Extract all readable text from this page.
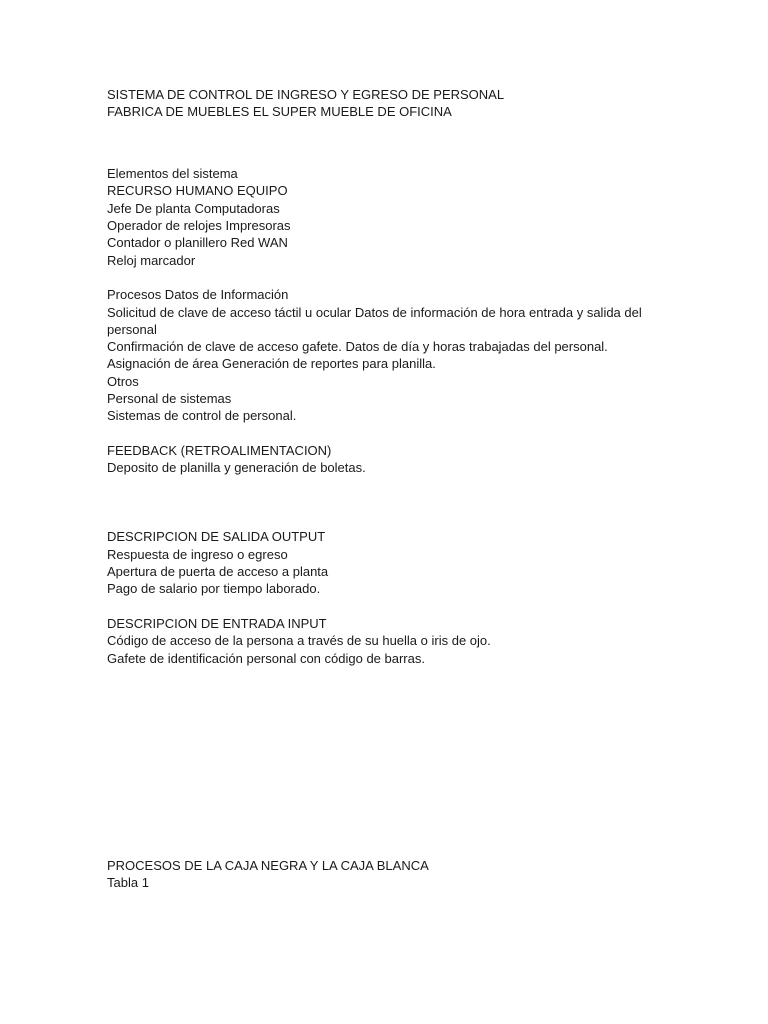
SISTEMA DE CONTROL DE INGRESO Y EGRESO DE PERSONAL
FABRICA DE MUEBLES EL SUPER MUEBLE DE OFICINA
Elementos del sistema
RECURSO HUMANO EQUIPO
Jefe De planta Computadoras
Operador de relojes Impresoras
Contador o planillero Red WAN
Reloj marcador
Procesos Datos de Información
Solicitud de clave de acceso táctil u ocular Datos de información de hora entrada y salida del personal
Confirmación de clave de acceso gafete. Datos de día y horas trabajadas del personal.
Asignación de área Generación de reportes para planilla.
Otros
Personal de sistemas
Sistemas de control de personal.
FEEDBACK (RETROALIMENTACION)
Deposito de planilla y generación de boletas.
DESCRIPCION DE SALIDA OUTPUT
Respuesta de ingreso o egreso
Apertura de puerta de acceso a planta
Pago de salario por tiempo laborado.
DESCRIPCION DE ENTRADA INPUT
Código de acceso de la persona a través de su huella o iris de ojo.
Gafete de identificación personal con código de barras.
PROCESOS DE LA CAJA NEGRA Y LA CAJA BLANCA
Tabla 1
